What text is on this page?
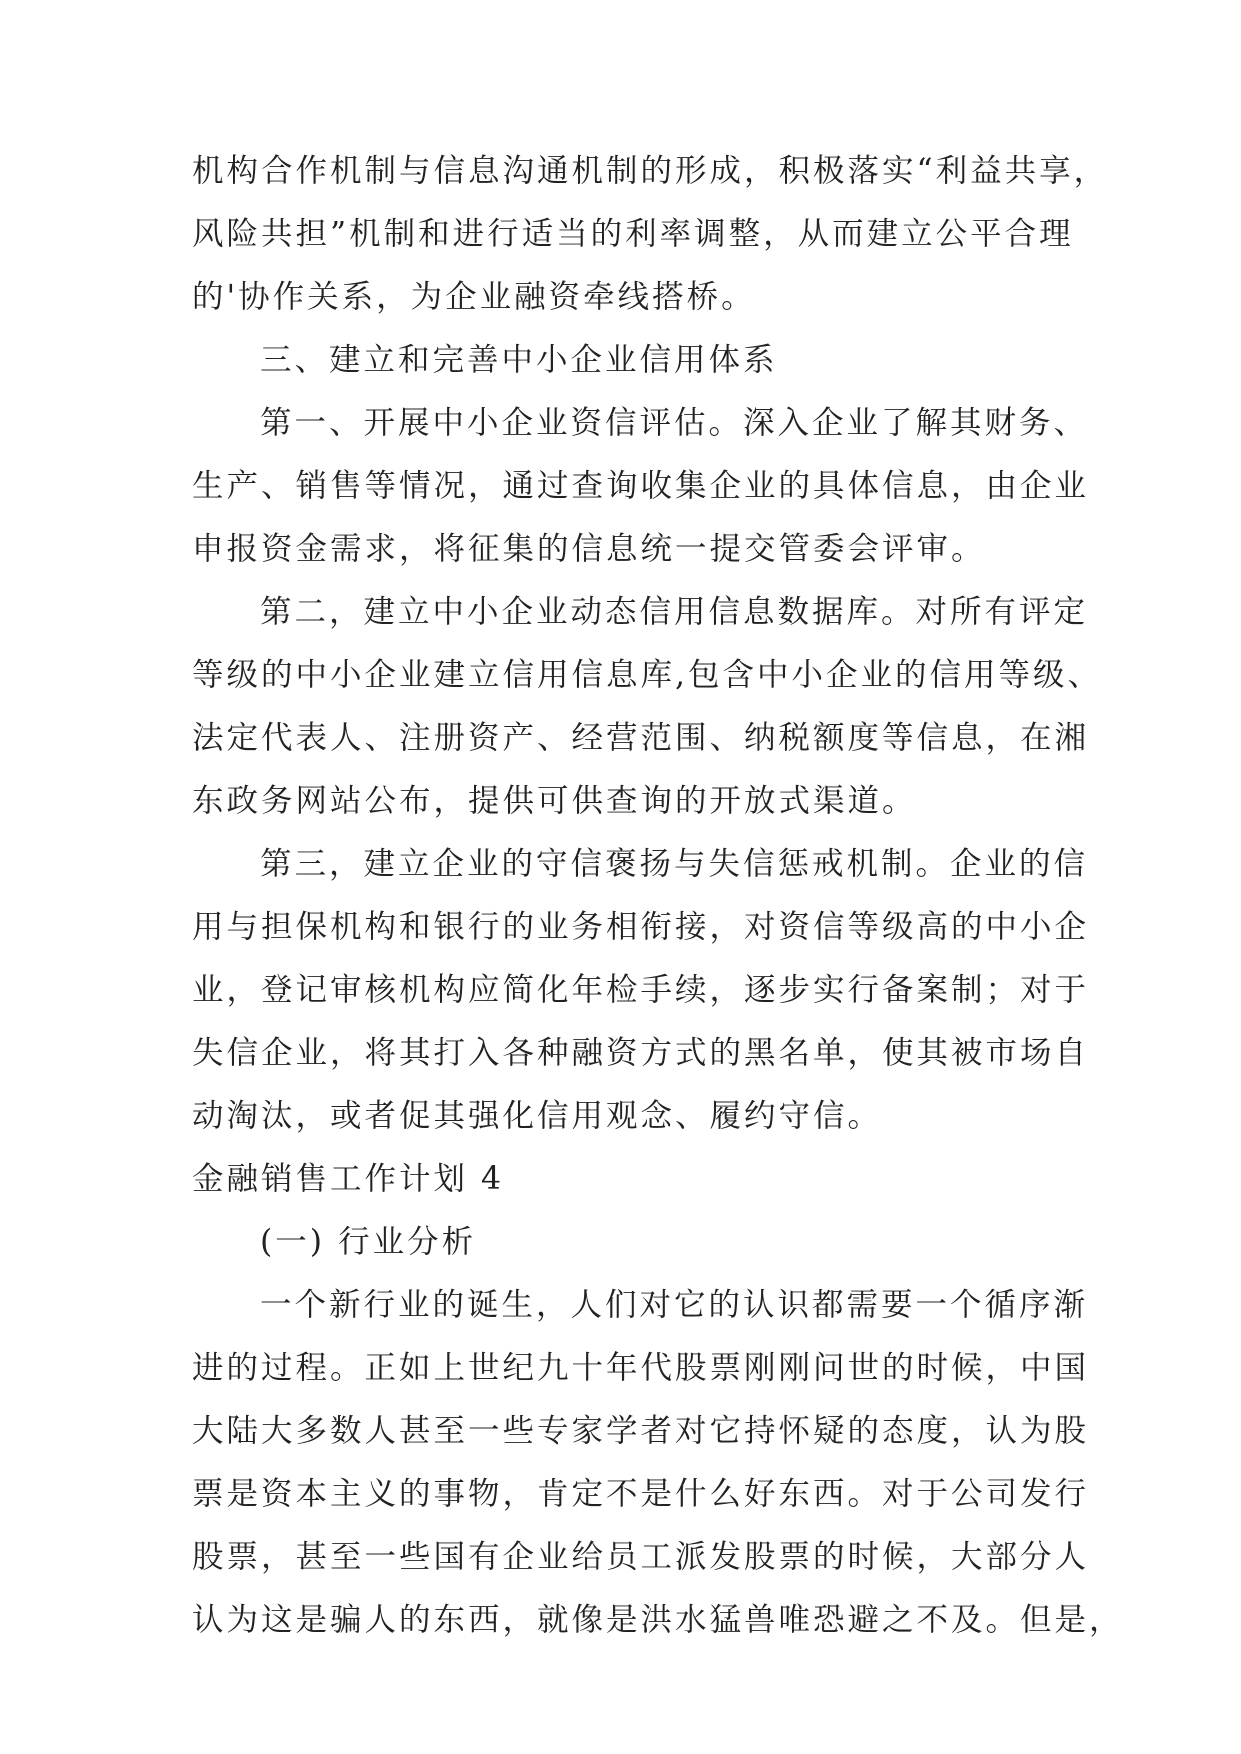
机构合作机制与信息沟通机制的形成，积极落实“利益共享，
风险共担”机制和进行适当的利率调整，从而建立公平合理
的'协作关系，为企业融资牵线搭桥。
三、建立和完善中小企业信用体系
第一、开展中小企业资信评估。深入企业了解其财务、
生产、销售等情况，通过查询收集企业的具体信息，由企业
申报资金需求，将征集的信息统一提交管委会评审。
第二，建立中小企业动态信用信息数据库。对所有评定
等级的中小企业建立信用信息库,包含中小企业的信用等级、
法定代表人、注册资产、经营范围、纳税额度等信息，在湘
东政务网站公布，提供可供查询的开放式渠道。
第三，建立企业的守信褒扬与失信惩戒机制。企业的信
用与担保机构和银行的业务相衔接，对资信等级高的中小企
业，登记审核机构应简化年检手续，逐步实行备案制；对于
失信企业，将其打入各种融资方式的黑名单，使其被市场自
动淘汰，或者促其强化信用观念、履约守信。
金融销售工作计划 4
(一) 行业分析
一个新行业的诞生，人们对它的认识都需要一个循序渐
进的过程。正如上世纪九十年代股票刚刚问世的时候，中国
大陆大多数人甚至一些专家学者对它持怀疑的态度，认为股
票是资本主义的事物，肯定不是什么好东西。对于公司发行
股票，甚至一些国有企业给员工派发股票的时候，大部分人
认为这是骗人的东西，就像是洪水猛兽唯恐避之不及。但是，
